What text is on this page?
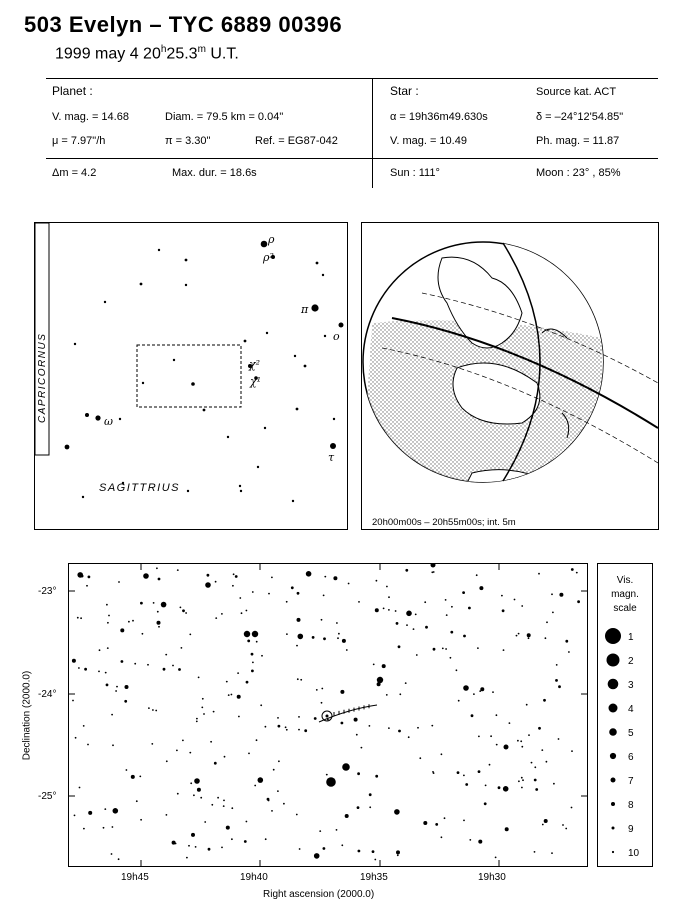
503 Evelyn – TYC 6889 00396
1999 may 4 20$^h$25.3$^m$ U.T.
Planet :
V. mag. = 14.68	Diam. = 79.5 km = 0.04"
μ = 7.97"/h	π = 3.30"	Ref. = EG87-042
Star :	Source kat. ACT
α = 19h36m49.630s	δ = –24°12'54.85"
V. mag. = 10.49	Ph. mag. = 11.87
Δm = 4.2	Max. dur. = 18.6s	Sun : 111°	Moon : 23° , 85%
CAPRICORNUS
ρ
ρ²
π
o
χ²
χ¹
ω
τ
SAGITTRIUS
20h00m00s – 20h55m00s; int. 5m
Declination (2000.0)
-23°
-24°
-25°
19h45	19h40	19h35	19h30
Right ascension (2000.0)
Vis.
magn.
scale
1
2
3
4
5
6
7
8
9
10
